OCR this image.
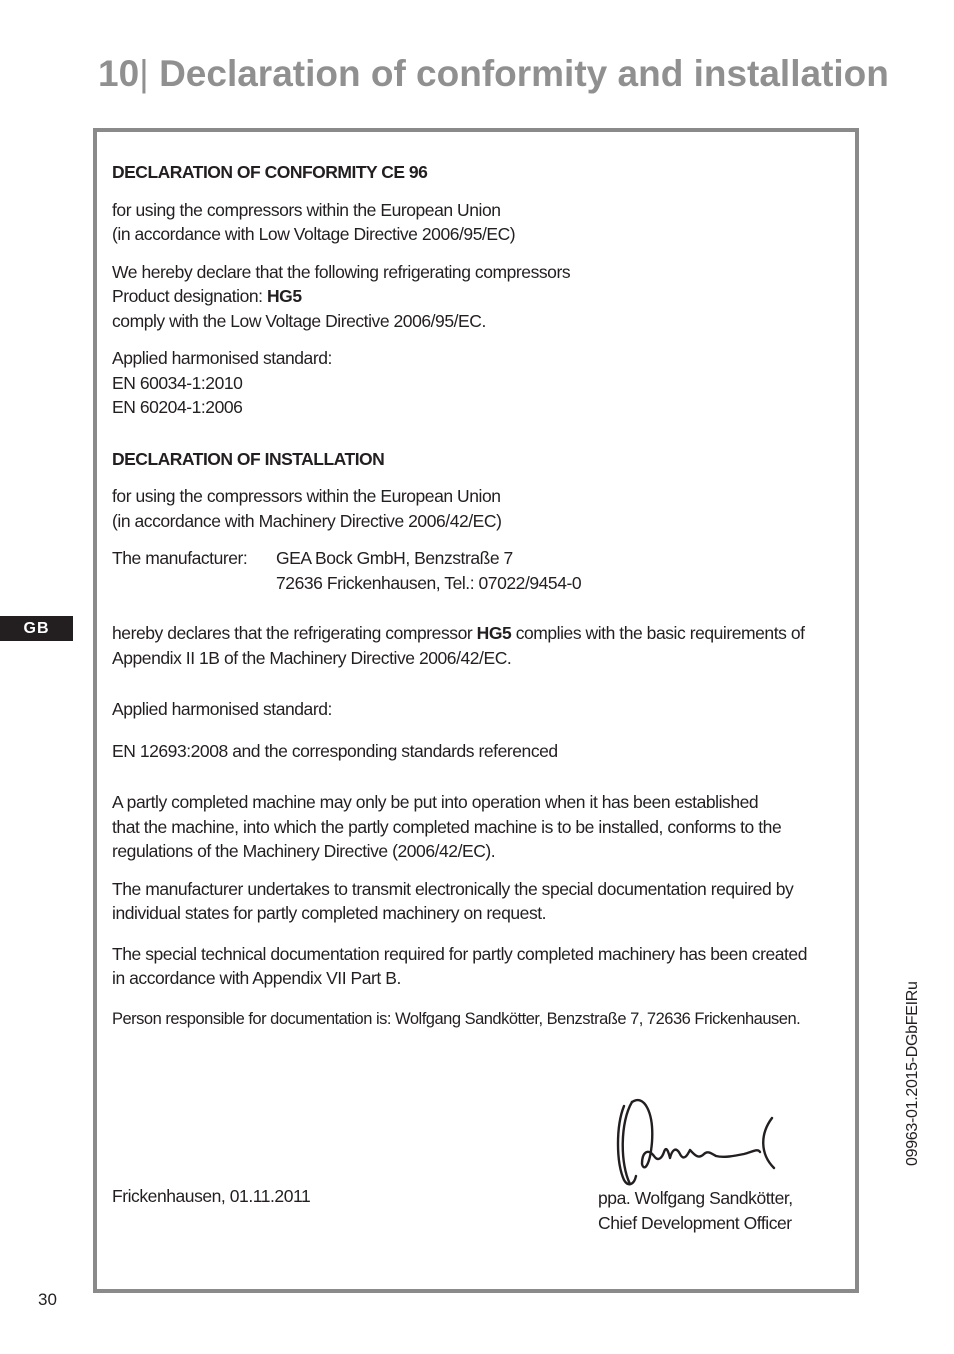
10| Declaration of conformity and installation
GB
DECLARATION OF CONFORMITY CE 96

for using the compressors within the European Union
(in accordance with Low Voltage Directive 2006/95/EC)

We hereby declare that the following refrigerating compressors
Product designation: HG5
comply with the Low Voltage Directive 2006/95/EC.

Applied harmonised standard:
EN 60034-1:2010
EN 60204-1:2006

DECLARATION OF INSTALLATION

for using the compressors within the European Union
(in accordance with Machinery Directive 2006/42/EC)

The manufacturer:	GEA Bock GmbH, Benzstraße 7
72636 Frickenhausen, Tel.: 07022/9454-0

hereby declares that the refrigerating compressor HG5 complies with the basic requirements of
Appendix II 1B of the Machinery Directive 2006/42/EC.

Applied harmonised standard:

EN 12693:2008 and the corresponding standards referenced

A partly completed machine may only be put into operation when it has been established
that the machine, into which the partly completed machine is to be installed, conforms to the
regulations of the Machinery Directive (2006/42/EC).

The manufacturer undertakes to transmit electronically the special documentation required by
individual states for partly completed machinery on request.

The special technical documentation required for partly completed machinery has been created
in accordance with Appendix VII Part B.

Person responsible for documentation is: Wolfgang Sandkötter, Benzstraße 7, 72636 Frickenhausen.

Frickenhausen, 01.11.2011	ppa. Wolfgang Sandkötter,
Chief Development Officer
30
09963-01.2015-DGbFEIRu
